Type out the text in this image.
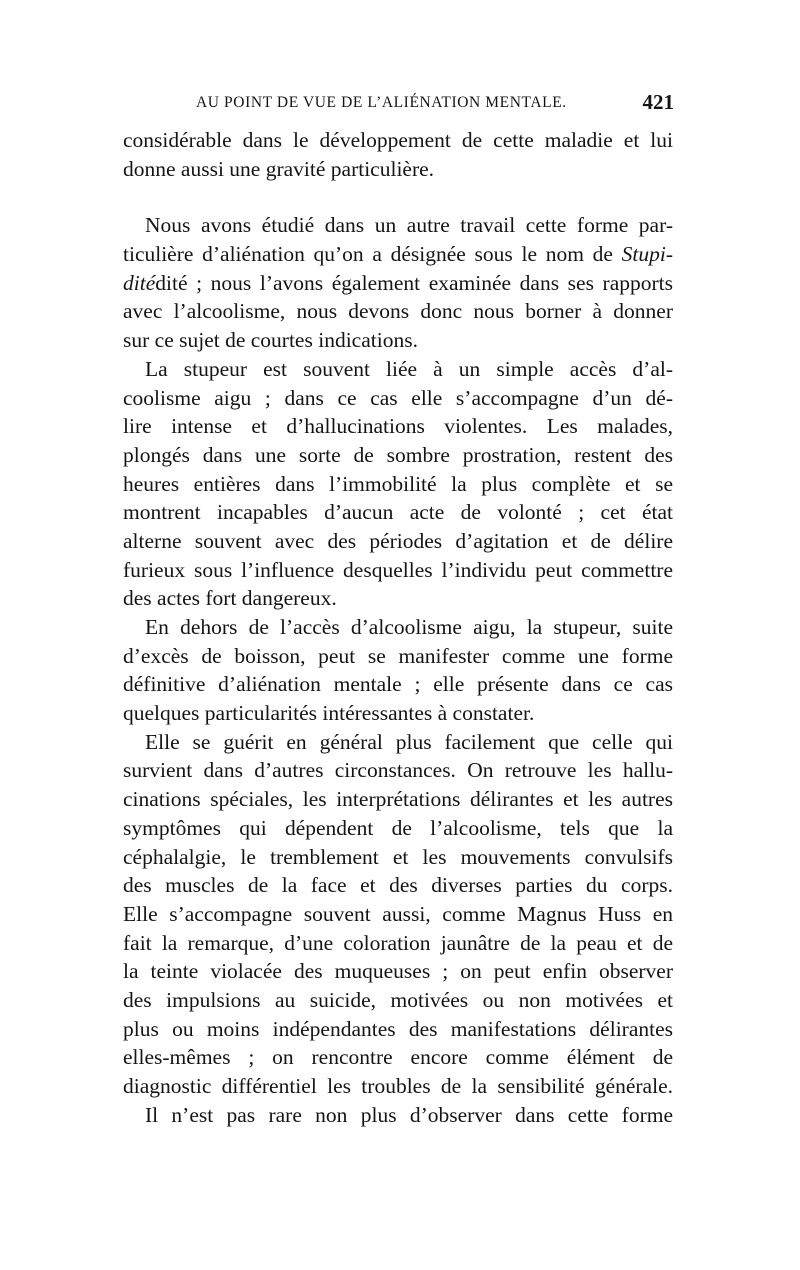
AU POINT DE VUE DE L’ALIÉNATION MENTALE.	421
considérable dans le développement de cette maladie et lui
donne aussi une gravité particulière.
Nous avons étudié dans un autre travail cette forme par-
ticulière d’aliénation qu’on a désignée sous le nom de Stupi-
ditédité ; nous l’avons également examinée dans ses rapports
avec l’alcoolisme, nous devons donc nous borner à donner
sur ce sujet de courtes indications.
La stupeur est souvent liée à un simple accès d’al-
coolisme aigu ; dans ce cas elle s’accompagne d’un dé-
lire intense et d’hallucinations violentes. Les malades,
plongés dans une sorte de sombre prostration, restent des
heures entières dans l’immobilité la plus complète et se
montrent incapables d’aucun acte de volonté ; cet état
alterne souvent avec des périodes d’agitation et de délire
furieux sous l’influence desquelles l’individu peut commettre
des actes fort dangereux.
En dehors de l’accès d’alcoolisme aigu, la stupeur, suite
d’excès de boisson, peut se manifester comme une forme
définitive d’aliénation mentale ; elle présente dans ce cas
quelques particularités intéressantes à constater.
Elle se guérit en général plus facilement que celle qui
survient dans d’autres circonstances. On retrouve les hallu-
cinations spéciales, les interprétations délirantes et les autres
symptômes qui dépendent de l’alcoolisme, tels que la
céphalalgie, le tremblement et les mouvements convulsifs
des muscles de la face et des diverses parties du corps.
Elle s’accompagne souvent aussi, comme Magnus Huss en
fait la remarque, d’une coloration jaunâtre de la peau et de
la teinte violacée des muqueuses ; on peut enfin observer
des impulsions au suicide, motivées ou non motivées et
plus ou moins indépendantes des manifestations délirantes
elles-mêmes ; on rencontre encore comme élément de
diagnostic différentiel les troubles de la sensibilité générale.
Il n’est pas rare non plus d’observer dans cette forme
